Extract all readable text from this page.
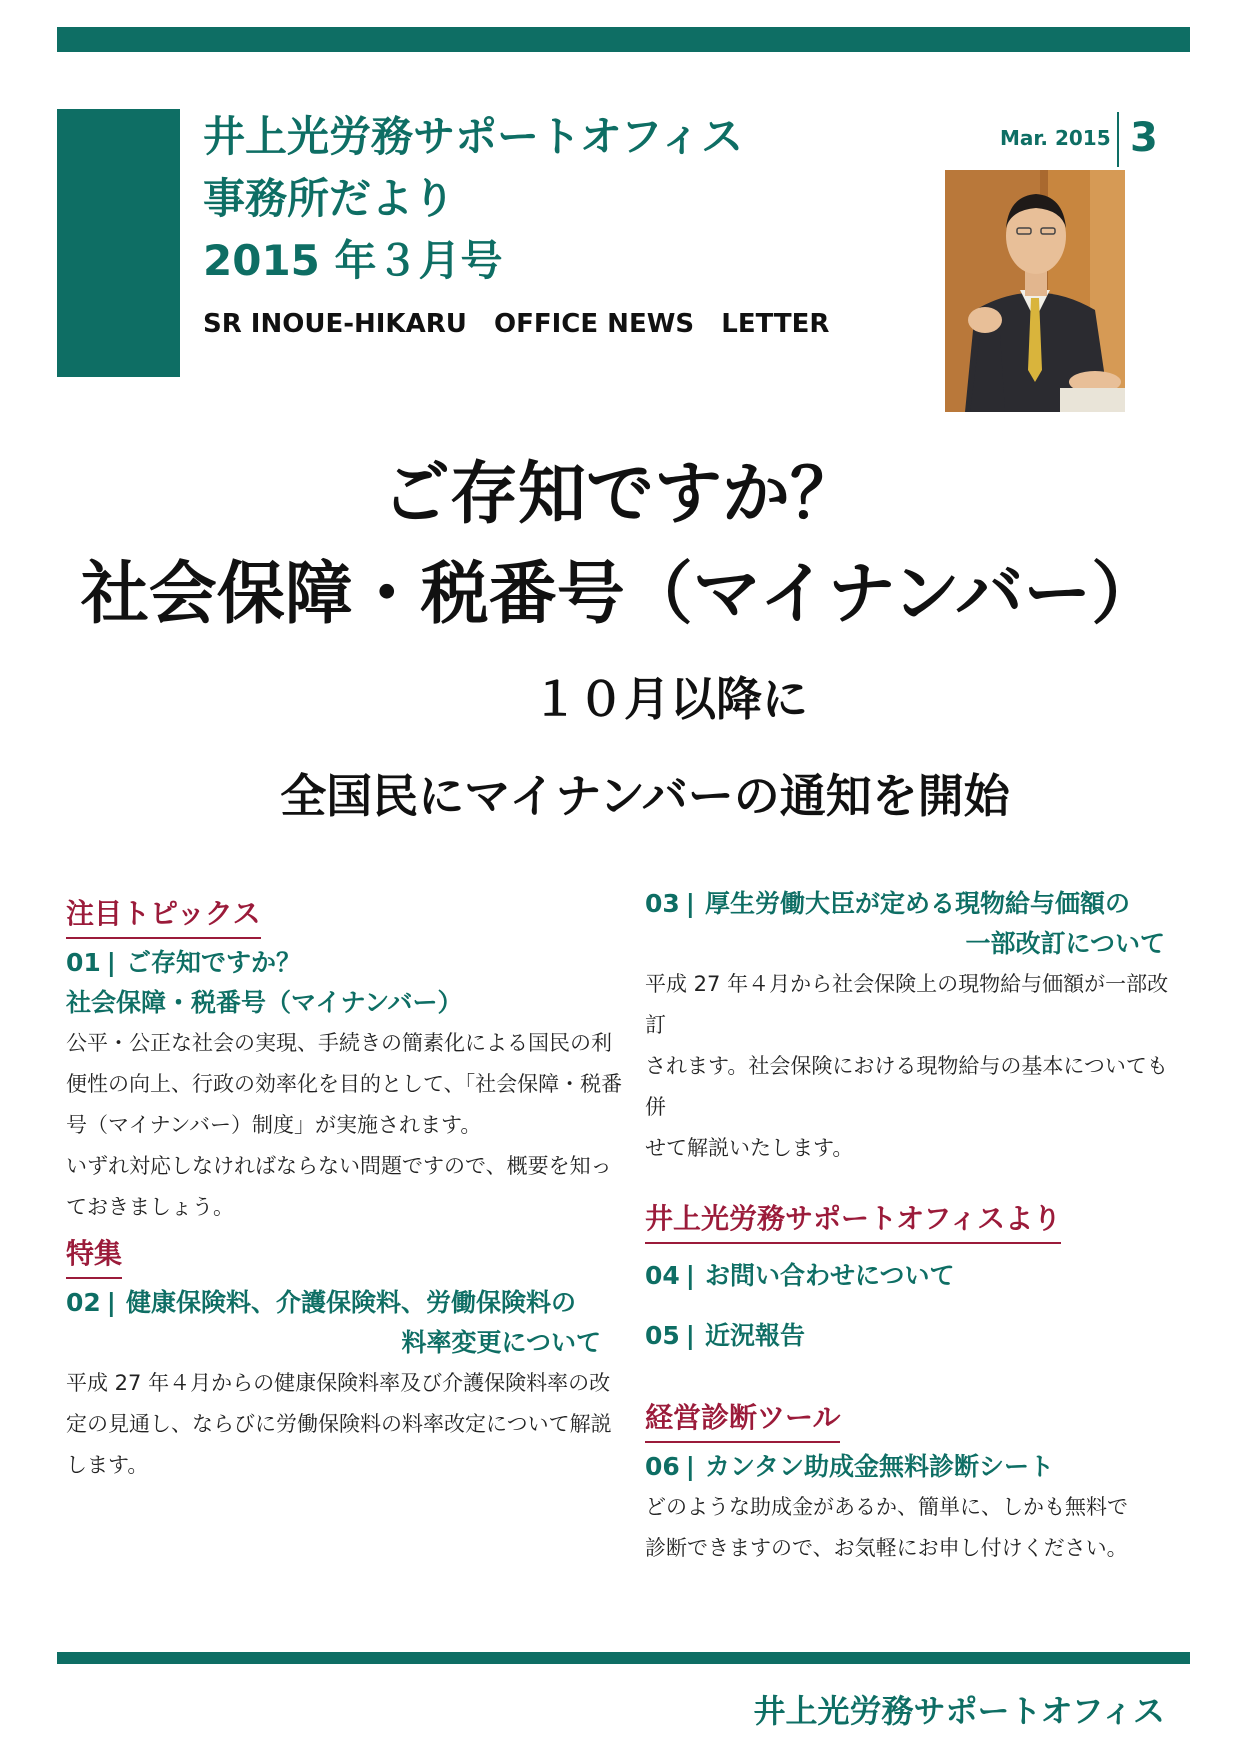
井上光労務サポートオフィス
事務所だより
2015 年３月号
SR INOUE-HIKARU   OFFICE NEWS   LETTER
Mar. 2015 3
ご存知ですか？
社会保障・税番号（マイナンバー）
１０月以降に
全国民にマイナンバーの通知を開始
注目トピックス
01 | ご存知ですか？
社会保障・税番号（マイナンバー）
公平・公正な社会の実現、手続きの簡素化による国民の利
便性の向上、行政の効率化を目的として、「社会保障・税番
号（マイナンバー）制度」が実施されます。
いずれ対応しなければならない問題ですので、概要を知っ
ておきましょう。
特集
02 | 健康保険料、介護保険料、労働保険料の
料率変更について
平成 27 年４月からの健康保険料率及び介護保険料率の改
定の見通し、ならびに労働保険料の料率改定について解説
します。
03 | 厚生労働大臣が定める現物給与価額の
一部改訂について
平成 27 年４月から社会保険上の現物給与価額が一部改訂
されます。社会保険における現物給与の基本についても併
せて解説いたします。
井上光労務サポートオフィスより
04 | お問い合わせについて
05 | 近況報告
経営診断ツール
06 | カンタン助成金無料診断シート
どのような助成金があるか、簡単に、しかも無料で
診断できますので、お気軽にお申し付けください。
井上光労務サポートオフィス
